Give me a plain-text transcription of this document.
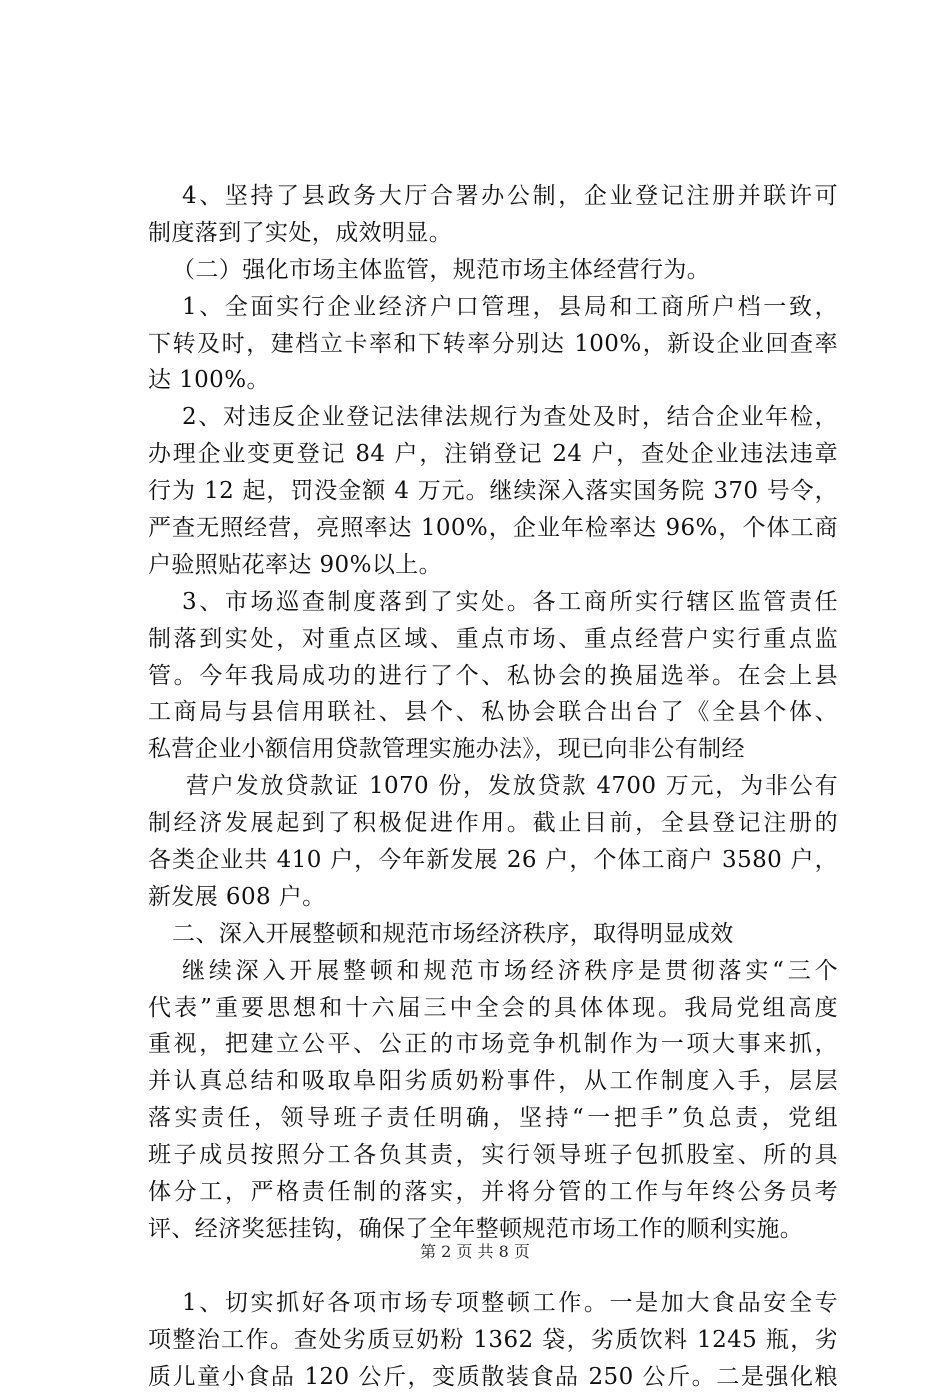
4、坚持了县政务大厅合署办公制，企业登记注册并联许可
制度落到了实处，成效明显。
（二）强化市场主体监管，规范市场主体经营行为。
1、全面实行企业经济户口管理，县局和工商所户档一致，
下转及时，建档立卡率和下转率分别达 100%，新设企业回查率
达 100%。
2、对违反企业登记法律法规行为查处及时，结合企业年检，
办理企业变更登记 84 户，注销登记 24 户，查处企业违法违章
行为 12 起，罚没金额 4 万元。继续深入落实国务院 370 号令，
严查无照经营，亮照率达 100%，企业年检率达 96%，个体工商
户验照贴花率达 90%以上。
3、市场巡查制度落到了实处。各工商所实行辖区监管责任
制落到实处，对重点区域、重点市场、重点经营户实行重点监
管。今年我局成功的进行了个、私协会的换届选举。在会上县
工商局与县信用联社、县个、私协会联合出台了《全县个体、
私营企业小额信用贷款管理实施办法》，现已向非公有制经
营户发放贷款证 1070 份，发放贷款 4700 万元，为非公有
制经济发展起到了积极促进作用。截止目前，全县登记注册的
各类企业共 410 户，今年新发展 26 户，个体工商户 3580 户，
新发展 608 户。
二、深入开展整顿和规范市场经济秩序，取得明显成效
继续深入开展整顿和规范市场经济秩序是贯彻落实“三个
代表”重要思想和十六届三中全会的具体体现。我局党组高度
重视，把建立公平、公正的市场竞争机制作为一项大事来抓，
并认真总结和吸取阜阳劣质奶粉事件，从工作制度入手，层层
落实责任，领导班子责任明确，坚持“一把手”负总责，党组
班子成员按照分工各负其责，实行领导班子包抓股室、所的具
体分工，严格责任制的落实，并将分管的工作与年终公务员考
评、经济奖惩挂钩，确保了全年整顿规范市场工作的顺利实施。
1、切实抓好各项市场专项整顿工作。一是加大食品安全专
项整治工作。查处劣质豆奶粉 1362 袋，劣质饮料 1245 瓶，劣
质儿童小食品 120 公斤，变质散装食品 250 公斤。二是强化粮
第 2 页 共 8 页
